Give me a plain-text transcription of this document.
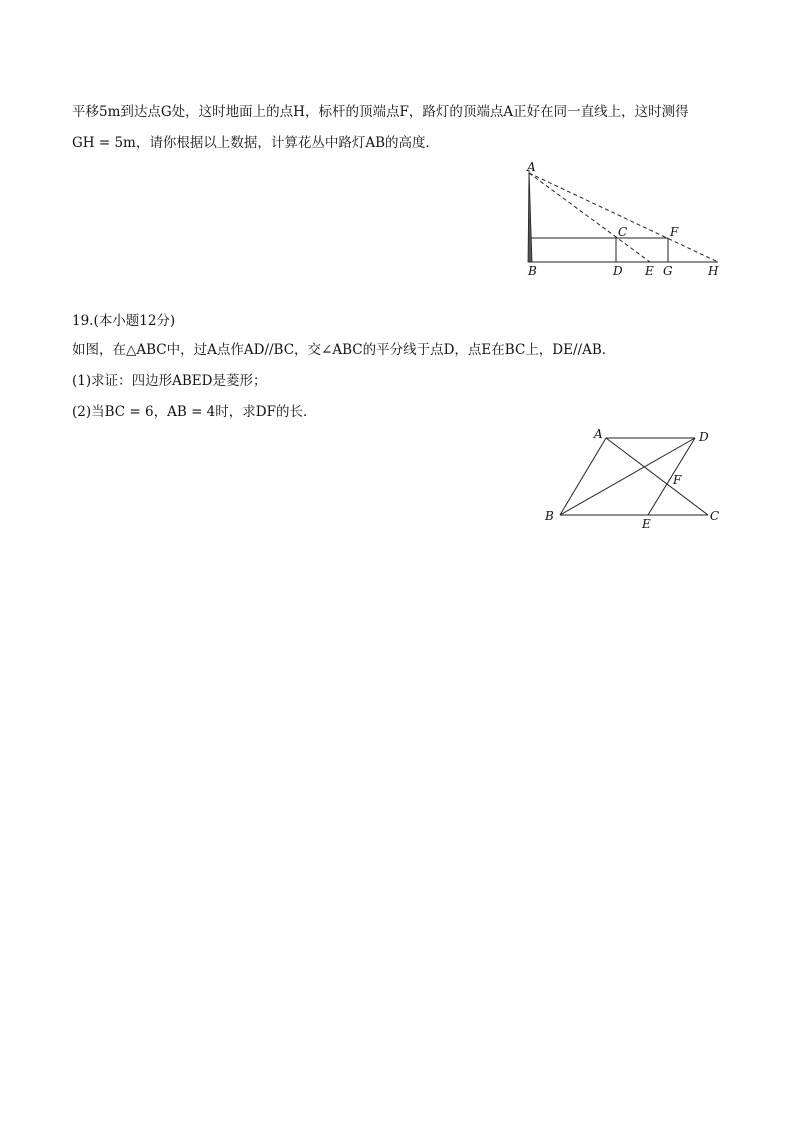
平移5m到达点G处，这时地面上的点H，标杆的顶端点F，路灯的顶端点A正好在同一直线上，这时测得
GH = 5m，请你根据以上数据，计算花丛中路灯AB的高度．
A
B
C
D E
F
G	H
19.(本小题12分)
如图，在△ABC中，过A点作AD//BC，交∠ABC的平分线于点D，点E在BC上，DE//AB．
(1)求证：四边形ABED是菱形；
(2)当BC = 6，AB = 4时，求DF的长．
A
B	C
D
E
F
